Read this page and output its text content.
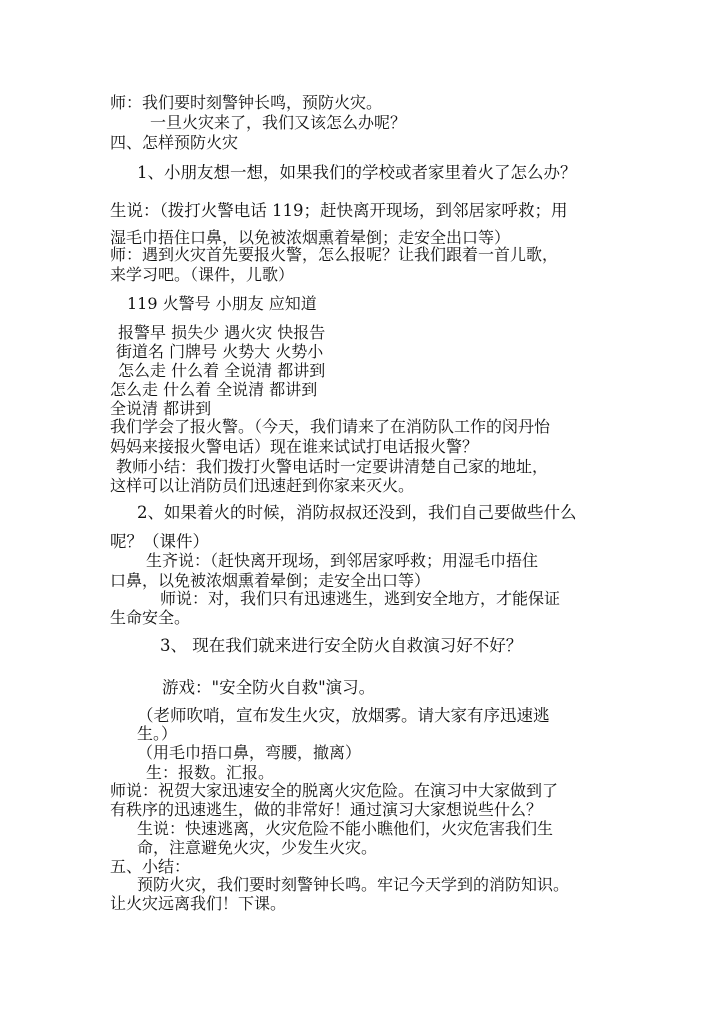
师：我们要时刻警钟长鸣，预防火灾。
一旦火灾来了，我们又该怎么办呢？
四、怎样预防火灾
1、小朋友想一想，如果我们的学校或者家里着火了怎么办？
生说：（拨打火警电话 119；赶快离开现场，到邻居家呼救；用
湿毛巾捂住口鼻，以免被浓烟熏着晕倒；走安全出口等）
师：遇到火灾首先要报火警，怎么报呢？让我们跟着一首儿歌，
来学习吧。（课件，儿歌）
119 火警号 小朋友 应知道
报警早 损失少 遇火灾 快报告
街道名 门牌号 火势大 火势小
怎么走 什么着 全说清 都讲到
怎么走 什么着 全说清 都讲到
全说清 都讲到
我们学会了报火警。（今天，我们请来了在消防队工作的闵丹怡
妈妈来接报火警电话）现在谁来试试打电话报火警？
教师小结：我们拨打火警电话时一定要讲清楚自己家的地址，
这样可以让消防员们迅速赶到你家来灭火。
2、如果着火的时候，消防叔叔还没到，我们自己要做些什么
呢？（课件）
生齐说：（赶快离开现场，到邻居家呼救；用湿毛巾捂住
口鼻，以免被浓烟熏着晕倒；走安全出口等）
师说：对，我们只有迅速逃生，逃到安全地方，才能保证
生命安全。
3、 现在我们就来进行安全防火自救演习好不好？
游戏："安全防火自救"演习。
（老师吹哨，宣布发生火灾，放烟雾。请大家有序迅速逃
生。）
（用毛巾捂口鼻，弯腰，撤离）
生：报数。汇报。
师说：祝贺大家迅速安全的脱离火灾危险。在演习中大家做到了
有秩序的迅速逃生，做的非常好！通过演习大家想说些什么？
生说：快速逃离，火灾危险不能小瞧他们，火灾危害我们生
命，注意避免火灾，少发生火灾。
五、小结：
预防火灾，我们要时刻警钟长鸣。牢记今天学到的消防知识。
让火灾远离我们！下课。
